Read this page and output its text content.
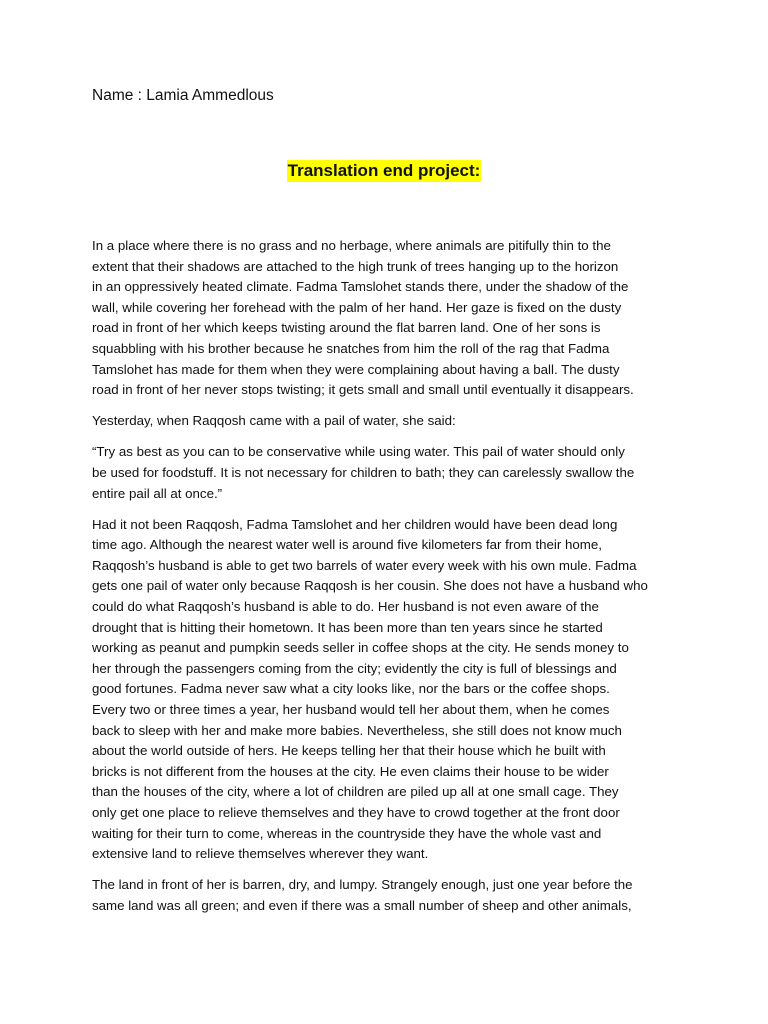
Name : Lamia Ammedlous
Translation end project:

In a place where there is no grass and no herbage, where animals are pitifully thin to the
extent that their shadows are attached to the high trunk of trees hanging up to the horizon
in an oppressively heated climate. Fadma Tamslohet stands there, under the shadow of the
wall, while covering her forehead with the palm of her hand. Her gaze is fixed on the dusty
road in front of her which keeps twisting around the flat barren land. One of her sons is
squabbling with his brother because he snatches from him the roll of the rag that Fadma
Tamslohet has made for them when they were complaining about having a ball. The dusty
road in front of her never stops twisting; it gets small and small until eventually it disappears.

Yesterday, when Raqqosh came with a pail of water, she said:

“Try as best as you can to be conservative while using water. This pail of water should only
be used for foodstuff. It is not necessary for children to bath; they can carelessly swallow the
entire pail all at once.”

Had it not been Raqqosh, Fadma Tamslohet and her children would have been dead long
time ago. Although the nearest water well is around five kilometers far from their home,
Raqqosh’s husband is able to get two barrels of water every week with his own mule. Fadma
gets one pail of water only because Raqqosh is her cousin. She does not have a husband who
could do what Raqqosh’s husband is able to do. Her husband is not even aware of the
drought that is hitting their hometown. It has been more than ten years since he started
working as peanut and pumpkin seeds seller in coffee shops at the city. He sends money to
her through the passengers coming from the city; evidently the city is full of blessings and
good fortunes. Fadma never saw what a city looks like, nor the bars or the coffee shops.
Every two or three times a year, her husband would tell her about them, when he comes
back to sleep with her and make more babies. Nevertheless, she still does not know much
about the world outside of hers. He keeps telling her that their house which he built with
bricks is not different from the houses at the city. He even claims their house to be wider
than the houses of the city, where a lot of children are piled up all at one small cage. They
only get one place to relieve themselves and they have to crowd together at the front door
waiting for their turn to come, whereas in the countryside they have the whole vast and
extensive land to relieve themselves wherever they want.

The land in front of her is barren, dry, and lumpy. Strangely enough, just one year before the
same land was all green; and even if there was a small number of sheep and other animals,
